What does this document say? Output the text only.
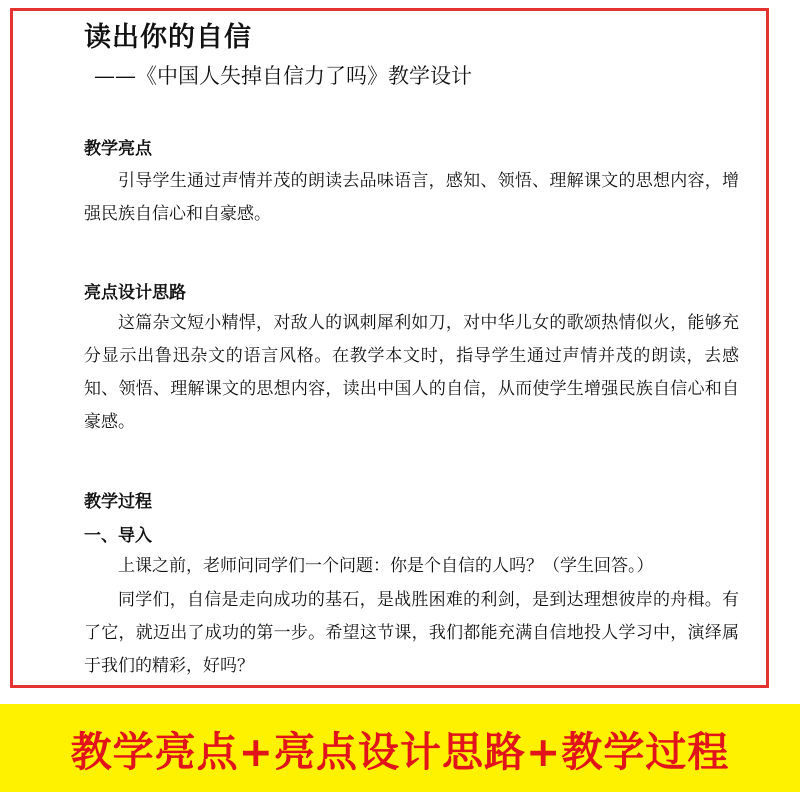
读出你的自信
——《中国人失掉自信力了吗》教学设计
教学亮点
引导学生通过声情并茂的朗读去品味语言，感知、领悟、理解课文的思想内容，增强民族自信心和自豪感。
亮点设计思路
这篇杂文短小精悍，对敌人的讽刺犀利如刀，对中华儿女的歌颂热情似火，能够充分显示出鲁迅杂文的语言风格。在教学本文时，指导学生通过声情并茂的朗读，去感知、领悟、理解课文的思想内容，读出中国人的自信，从而使学生增强民族自信心和自豪感。
教学过程
一、导入
上课之前，老师问同学们一个问题：你是个自信的人吗？（学生回答。）
同学们，自信是走向成功的基石，是战胜困难的利剑，是到达理想彼岸的舟楫。有了它，就迈出了成功的第一步。希望这节课，我们都能充满自信地投人学习中，演绎属于我们的精彩，好吗？
教学亮点+亮点设计思路+教学过程
